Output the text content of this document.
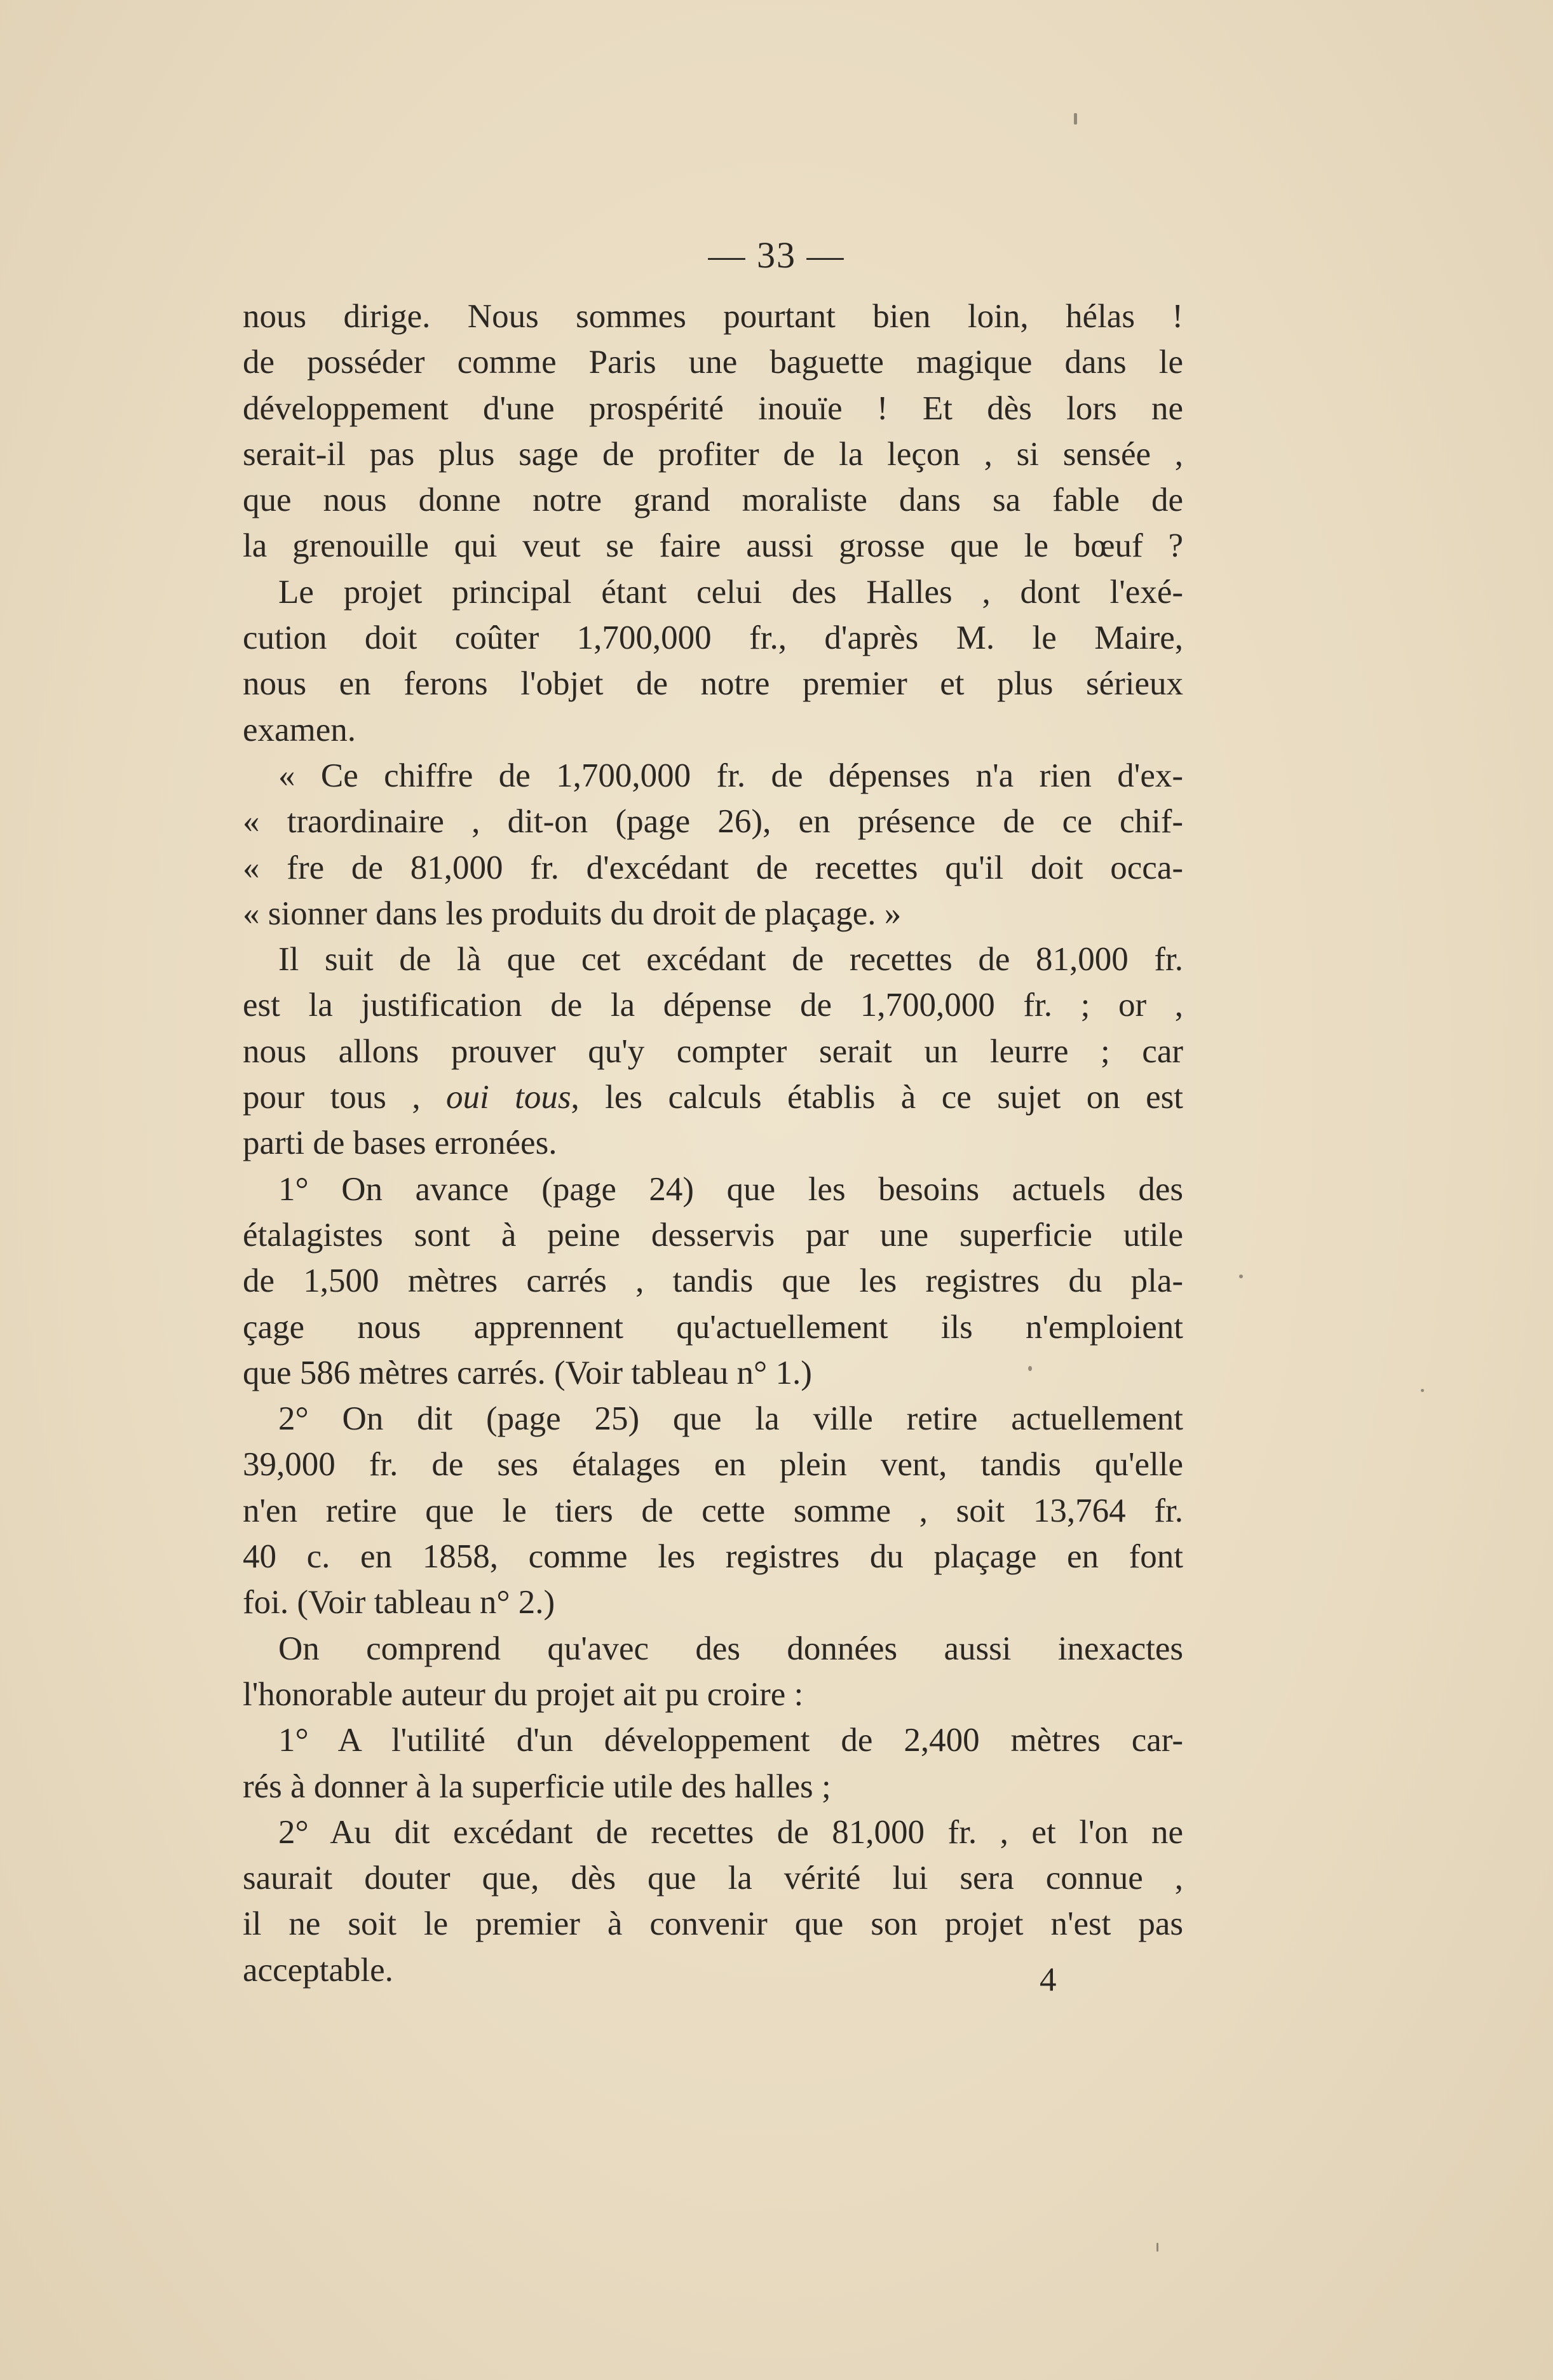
— 33 —
nous dirige. Nous sommes pourtant bien loin, hélas !
de posséder comme Paris une baguette magique dans le
développement d'une prospérité inouïe ! Et dès lors ne
serait-il pas plus sage de profiter de la leçon , si sensée ,
que nous donne notre grand moraliste dans sa fable de
la grenouille qui veut se faire aussi grosse que le bœuf ?
Le projet principal étant celui des Halles , dont l'exé-
cution doit coûter 1,700,000 fr., d'après M. le Maire,
nous en ferons l'objet de notre premier et plus sérieux
examen.
« Ce chiffre de 1,700,000 fr. de dépenses n'a rien d'ex-
« traordinaire , dit-on (page 26), en présence de ce chif-
« fre de 81,000 fr. d'excédant de recettes qu'il doit occa-
« sionner dans les produits du droit de plaçage. »
Il suit de là que cet excédant de recettes de 81,000 fr.
est la justification de la dépense de 1,700,000 fr. ; or ,
nous allons prouver qu'y compter serait un leurre ; car
pour tous , oui tous, les calculs établis à ce sujet on est
parti de bases erronées.
1° On avance (page 24) que les besoins actuels des
étalagistes sont à peine desservis par une superficie utile
de 1,500 mètres carrés , tandis que les registres du pla-
çage nous apprennent qu'actuellement ils n'emploient
que 586 mètres carrés. (Voir tableau n° 1.)
2° On dit (page 25) que la ville retire actuellement
39,000 fr. de ses étalages en plein vent, tandis qu'elle
n'en retire que le tiers de cette somme , soit 13,764 fr.
40 c. en 1858, comme les registres du plaçage en font
foi. (Voir tableau n° 2.)
On comprend qu'avec des données aussi inexactes
l'honorable auteur du projet ait pu croire :
1° A l'utilité d'un développement de 2,400 mètres car-
rés à donner à la superficie utile des halles ;
2° Au dit excédant de recettes de 81,000 fr. , et l'on ne
saurait douter que, dès que la vérité lui sera connue ,
il ne soit le premier à convenir que son projet n'est pas
acceptable.	4
